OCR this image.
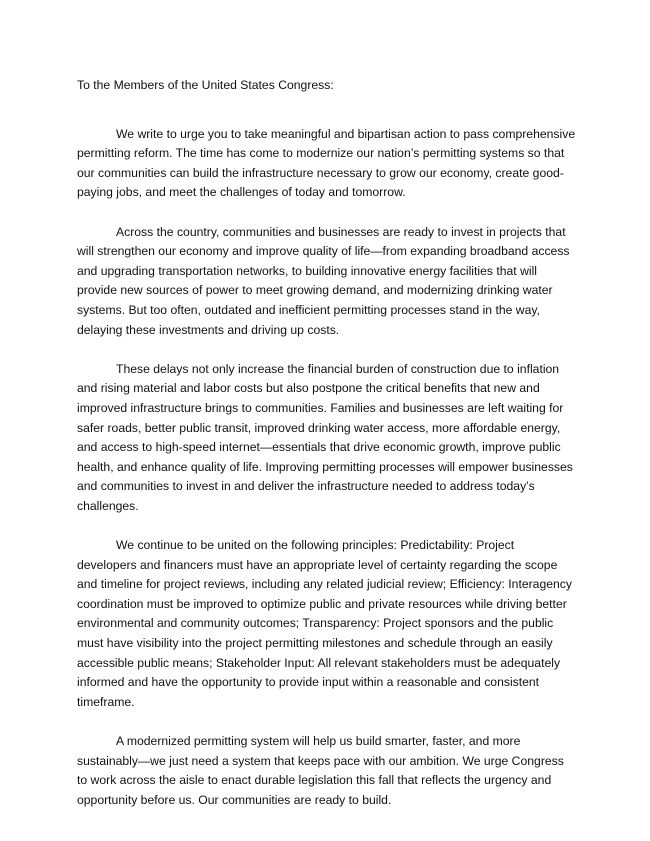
To the Members of the United States Congress:

We write to urge you to take meaningful and bipartisan action to pass comprehensive permitting reform. The time has come to modernize our nation’s permitting systems so that our communities can build the infrastructure necessary to grow our economy, create good-paying jobs, and meet the challenges of today and tomorrow.

Across the country, communities and businesses are ready to invest in projects that will strengthen our economy and improve quality of life—from expanding broadband access and upgrading transportation networks, to building innovative energy facilities that will provide new sources of power to meet growing demand, and modernizing drinking water systems. But too often, outdated and inefficient permitting processes stand in the way, delaying these investments and driving up costs.

These delays not only increase the financial burden of construction due to inflation and rising material and labor costs but also postpone the critical benefits that new and improved infrastructure brings to communities. Families and businesses are left waiting for safer roads, better public transit, improved drinking water access, more affordable energy, and access to high-speed internet—essentials that drive economic growth, improve public health, and enhance quality of life. Improving permitting processes will empower businesses and communities to invest in and deliver the infrastructure needed to address today’s challenges.

We continue to be united on the following principles: Predictability: Project developers and financers must have an appropriate level of certainty regarding the scope and timeline for project reviews, including any related judicial review; Efficiency: Interagency coordination must be improved to optimize public and private resources while driving better environmental and community outcomes; Transparency: Project sponsors and the public must have visibility into the project permitting milestones and schedule through an easily accessible public means; Stakeholder Input: All relevant stakeholders must be adequately informed and have the opportunity to provide input within a reasonable and consistent timeframe.

A modernized permitting system will help us build smarter, faster, and more sustainably—we just need a system that keeps pace with our ambition. We urge Congress to work across the aisle to enact durable legislation this fall that reflects the urgency and opportunity before us. Our communities are ready to build.
